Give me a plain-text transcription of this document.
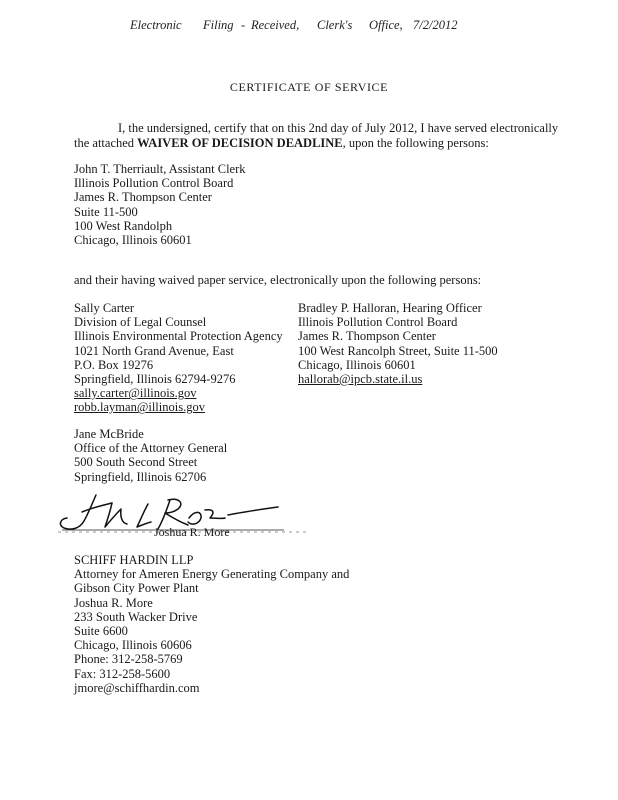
Electronic Filing - Received, Clerk's Office, 7/2/2012
CERTIFICATE OF SERVICE
I, the undersigned, certify that on this 2nd day of July 2012, I have served electronically
the attached WAIVER OF DECISION DEADLINE, upon the following persons:
John T. Therriault, Assistant Clerk
Illinois Pollution Control Board
James R. Thompson Center
Suite 11-500
100 West Randolph
Chicago, Illinois 60601
and their having waived paper service, electronically upon the following persons:
Sally Carter
Division of Legal Counsel
Illinois Environmental Protection Agency
1021 North Grand Avenue, East
P.O. Box 19276
Springfield, Illinois 62794-9276
sally.carter@illinois.gov
robb.layman@illinois.gov
Bradley P. Halloran, Hearing Officer
Illinois Pollution Control Board
James R. Thompson Center
100 West Rancolph Street, Suite 11-500
Chicago, Illinois 60601
hallorab@ipcb.state.il.us
Jane McBride
Office of the Attorney General
500 South Second Street
Springfield, Illinois 62706
Joshua R. More
SCHIFF HARDIN LLP
Attorney for Ameren Energy Generating Company and
Gibson City Power Plant
Joshua R. More
233 South Wacker Drive
Suite 6600
Chicago, Illinois 60606
Phone: 312-258-5769
Fax: 312-258-5600
jmore@schiffhardin.com
